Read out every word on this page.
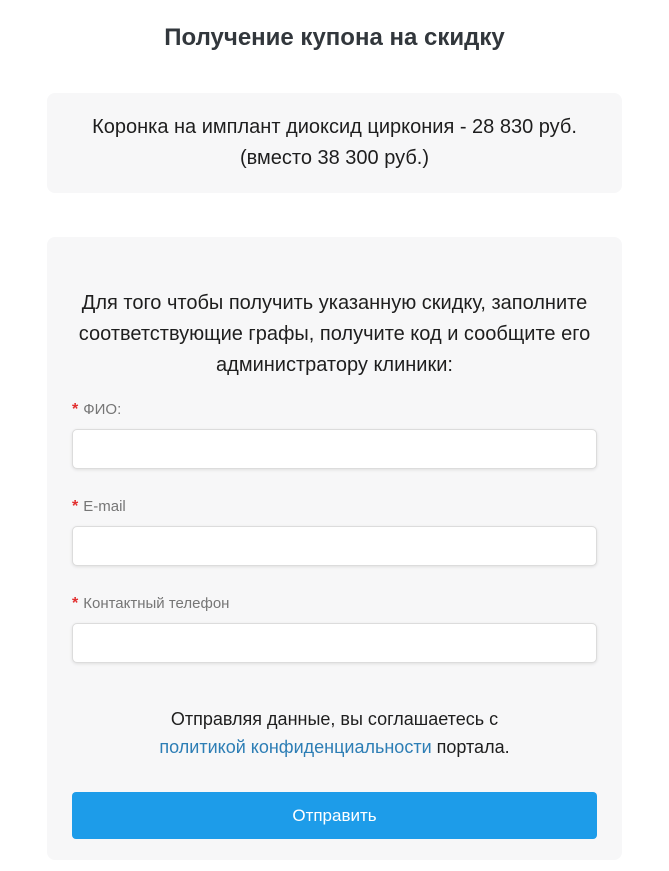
Получение купона на скидку
Коронка на имплант диоксид циркония - 28 830 руб.
(вместо 38 300 руб.)

Для того чтобы получить указанную скидку, заполните соответствующие графы, получите код и сообщите его администратору клиники:

* ФИО:
* E-mail
* Контактный телефон

Отправляя данные, вы соглашаетесь с
политикой конфиденциальности портала.

Отправить
